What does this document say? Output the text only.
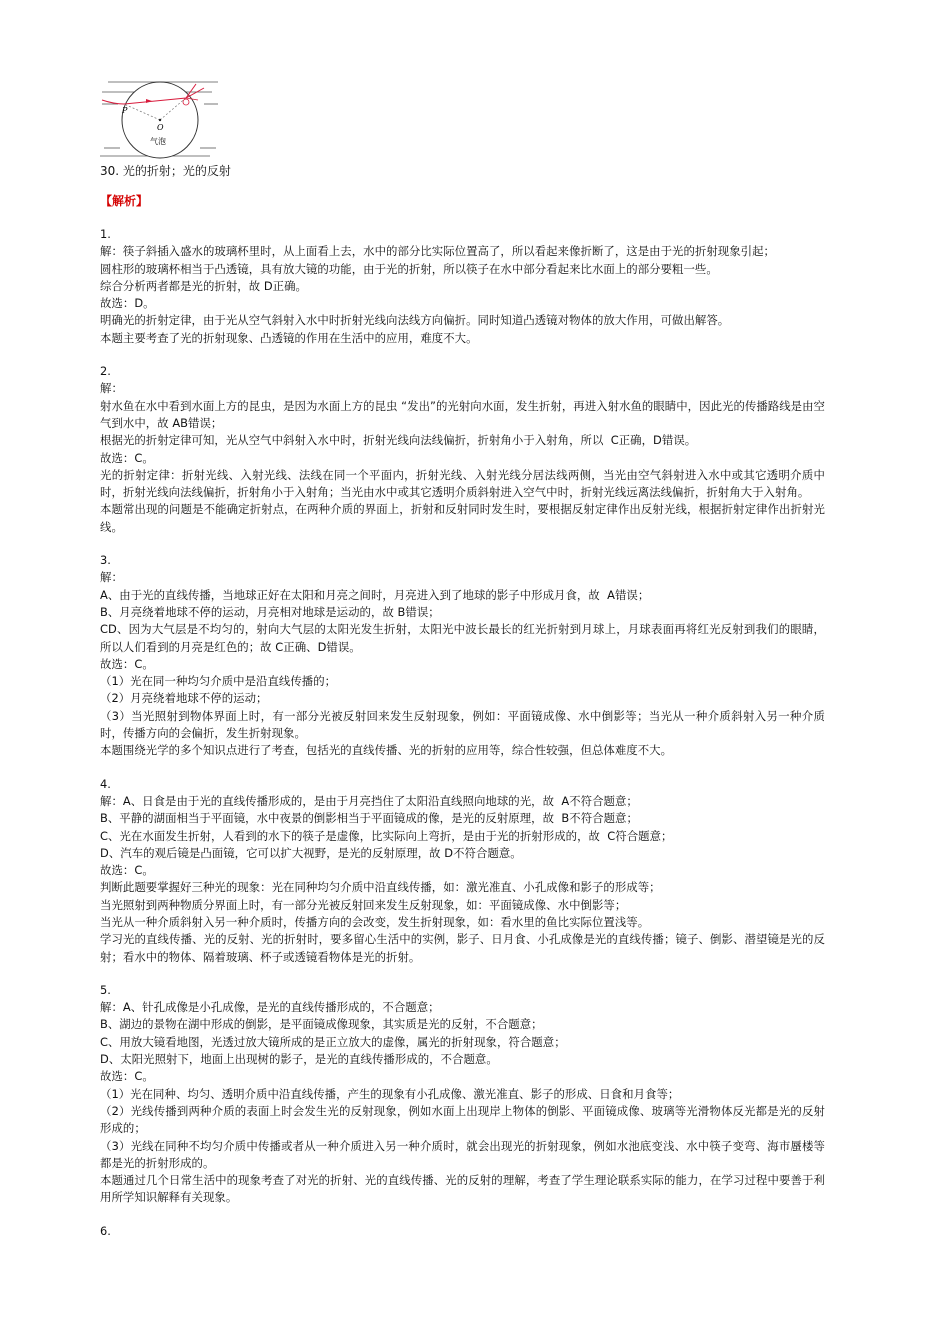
P
O
气泡

30. 光的折射；光的反射

【解析】

1.

解：筷子斜插入盛水的玻璃杯里时，从上面看上去，水中的部分比实际位置高了，所以看起来像折断了，这是由于光的折射现象引起；

圆柱形的玻璃杯相当于凸透镜，具有放大镜的功能，由于光的折射，所以筷子在水中部分看起来比水面上的部分要粗一些。

综合分析两者都是光的折射，故 D正确。

故选：D。

明确光的折射定律，由于光从空气斜射入水中时折射光线向法线方向偏折。同时知道凸透镜对物体的放大作用，可做出解答。

本题主要考查了光的折射现象、凸透镜的作用在生活中的应用，难度不大。

2.

解：

射水鱼在水中看到水面上方的昆虫，是因为水面上方的昆虫 “发出”的光射向水面，发生折射，再进入射水鱼的眼睛中，因此光的传播路线是由空气到水中，故 AB错误；

根据光的折射定律可知，光从空气中斜射入水中时，折射光线向法线偏折，折射角小于入射角，所以  C正确，D错误。

故选：C。

光的折射定律：折射光线、入射光线、法线在同一个平面内，折射光线、入射光线分居法线两侧，当光由空气斜射进入水中或其它透明介质中时，折射光线向法线偏折，折射角小于入射角；当光由水中或其它透明介质斜射进入空气中时，折射光线远离法线偏折，折射角大于入射角。

本题常出现的问题是不能确定折射点，在两种介质的界面上，折射和反射同时发生时，要根据反射定律作出反射光线，根据折射定律作出折射光线。

3.

解：

A、由于光的直线传播，当地球正好在太阳和月亮之间时，月亮进入到了地球的影子中形成月食，故  A错误；

B、月亮绕着地球不停的运动，月亮相对地球是运动的，故 B错误；

CD、因为大气层是不均匀的，射向大气层的太阳光发生折射，太阳光中波长最长的红光折射到月球上，月球表面再将红光反射到我们的眼睛，所以人们看到的月亮是红色的；故 C正确、D错误。

故选：C。

（1）光在同一种均匀介质中是沿直线传播的；

（2）月亮绕着地球不停的运动；

（3）当光照射到物体界面上时，有一部分光被反射回来发生反射现象，例如：平面镜成像、水中倒影等；当光从一种介质斜射入另一种介质时，传播方向的会偏折，发生折射现象。

本题围绕光学的多个知识点进行了考查，包括光的直线传播、光的折射的应用等，综合性较强，但总体难度不大。

4.

解：A、日食是由于光的直线传播形成的，是由于月亮挡住了太阳沿直线照向地球的光，故  A不符合题意；

B、平静的湖面相当于平面镜，水中夜景的倒影相当于平面镜成的像，是光的反射原理，故  B不符合题意；

C、光在水面发生折射，人看到的水下的筷子是虚像，比实际向上弯折，是由于光的折射形成的，故  C符合题意；

D、汽车的观后镜是凸面镜，它可以扩大视野，是光的反射原理，故 D不符合题意。

故选：C。

判断此题要掌握好三种光的现象：光在同种均匀介质中沿直线传播，如：激光准直、小孔成像和影子的形成等；

当光照射到两种物质分界面上时，有一部分光被反射回来发生反射现象，如：平面镜成像、水中倒影等；

当光从一种介质斜射入另一种介质时，传播方向的会改变，发生折射现象，如：看水里的鱼比实际位置浅等。

学习光的直线传播、光的反射、光的折射时，要多留心生活中的实例，影子、日月食、小孔成像是光的直线传播；镜子、倒影、潜望镜是光的反射；看水中的物体、隔着玻璃、杯子或透镜看物体是光的折射。

5.

解：A、针孔成像是小孔成像，是光的直线传播形成的，不合题意；

B、湖边的景物在湖中形成的倒影，是平面镜成像现象，其实质是光的反射，不合题意；

C、用放大镜看地图，光透过放大镜所成的是正立放大的虚像，属光的折射现象，符合题意；

D、太阳光照射下，地面上出现树的影子，是光的直线传播形成的，不合题意。

故选：C。

（1）光在同种、均匀、透明介质中沿直线传播，产生的现象有小孔成像、激光准直、影子的形成、日食和月食等；

（2）光线传播到两种介质的表面上时会发生光的反射现象，例如水面上出现岸上物体的倒影、平面镜成像、玻璃等光滑物体反光都是光的反射形成的；

（3）光线在同种不均匀介质中传播或者从一种介质进入另一种介质时，就会出现光的折射现象，例如水池底变浅、水中筷子变弯、海市蜃楼等都是光的折射形成的。

本题通过几个日常生活中的现象考查了对光的折射、光的直线传播、光的反射的理解，考查了学生理论联系实际的能力，在学习过程中要善于利用所学知识解释有关现象。

6.
